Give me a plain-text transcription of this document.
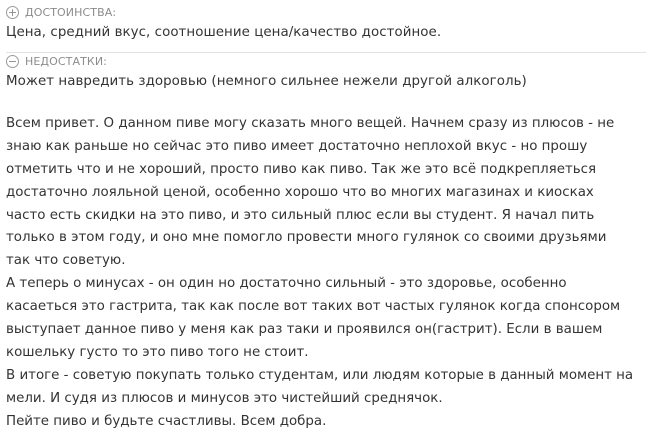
+ ДОСТОИНСТВА:
Цена, средний вкус, соотношение цена/качество достойное.
− НЕДОСТАТКИ:
Может навредить здоровью (немного сильнее нежели другой алкоголь)
Всем привет. О данном пиве могу сказать много вещей. Начнем сразу из плюсов - не
знаю как раньше но сейчас это пиво имеет достаточно неплохой вкус - но прошу
отметить что и не хороший, просто пиво как пиво. Так же это всё подкрепляеться
достаточно лояльной ценой, особенно хорошо что во многих магазинах и киосках
часто есть скидки на это пиво, и это сильный плюс если вы студент. Я начал пить
только в этом году, и оно мне помогло провести много гулянок со своими друзьями
так что советую.
А теперь о минусах - он один но достаточно сильный - это здоровье, особенно
касаеться это гастрита, так как после вот таких вот частых гулянок когда спонсором
выступает данное пиво у меня как раз таки и проявился он(гастрит). Если в вашем
кошельку густо то это пиво того не стоит.
В итоге - советую покупать только студентам, или людям которые в данный момент на
мели. И судя из плюсов и минусов это чистейший среднячок.
Пейте пиво и будьте счастливы. Всем добра.
